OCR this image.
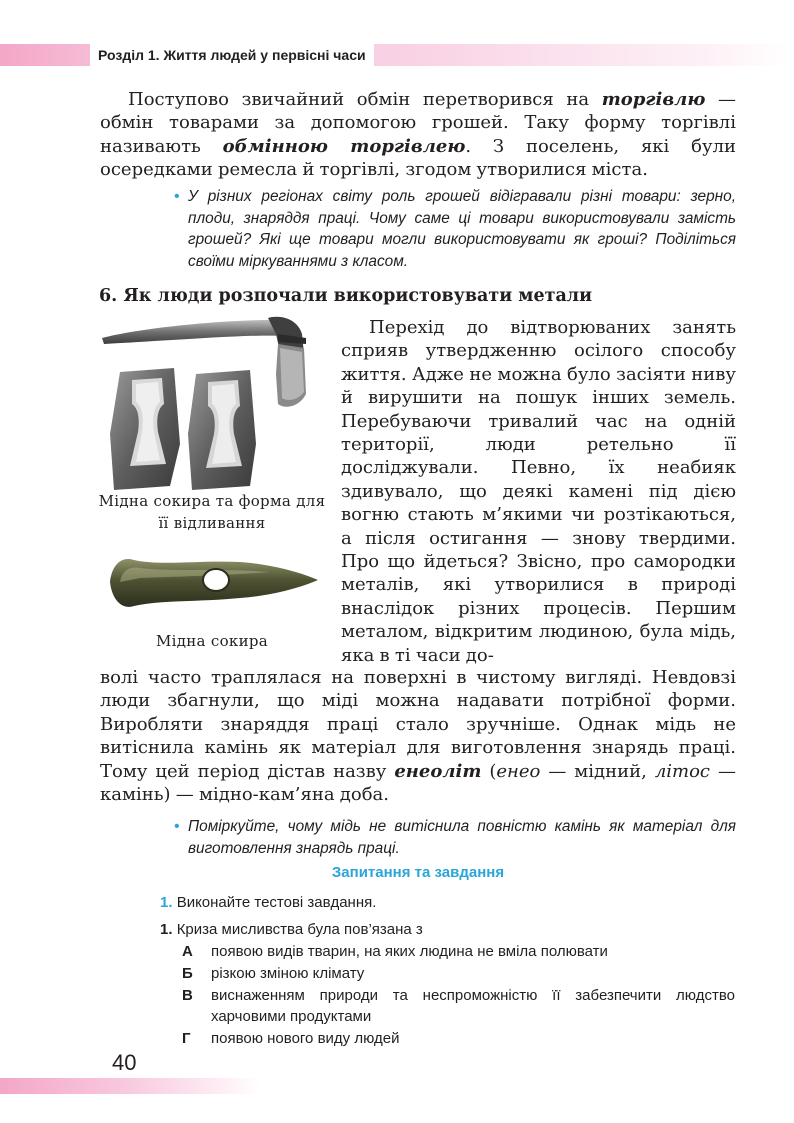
Розділ 1. Життя людей у первісні часи

Поступово звичайний обмін перетворився на торгівлю — обмін товарами за допомогою грошей. Таку форму торгівлі називають обмінною торгівлею. З поселень, які були осередками ремесла й торгівлі, згодом утворилися міста.

• У різних регіонах світу роль грошей відігравали різні товари: зерно, плоди, знаряддя праці. Чому саме ці товари використовували замість грошей? Які ще товари могли використовувати як гроші? Поділіться своїми міркуваннями з класом.

6. Як люди розпочали використовувати метали

Мідна сокира та форма для її відливання

Мідна сокира

Перехід до відтворюваних занять сприяв утвердженню осілого способу життя. Адже не можна було засіяти ниву й вирушити на пошук інших земель. Перебуваючи тривалий час на одній території, люди ретельно її досліджували. Певно, їх неабияк здивувало, що деякі камені під дією вогню стають м’якими чи розтікаються, а після остигання — знову твердими. Про що йдеться? Звісно, про самородки металів, які утворилися в природі внаслідок різних процесів. Першим металом, відкритим людиною, була мідь, яка в ті часи до-

волі часто траплялася на поверхні в чистому вигляді. Невдовзі люди збагнули, що міді можна надавати потрібної форми. Виробляти знаряддя праці стало зручніше. Однак мідь не витіснила камінь як матеріал для виготовлення знарядь праці. Тому цей період дістав назву енеоліт (енео — мідний, літос — камінь) — мідно-кам’яна доба.

• Поміркуйте, чому мідь не витіснила повністю камінь як матеріал для виготовлення знарядь праці.

Запитання та завдання

1. Виконайте тестові завдання.

1. Криза мисливства була пов’язана з

А появою видів тварин, на яких людина не вміла полювати

Б різкою зміною клімату

В виснаженням природи та неспроможністю її забезпечити людство харчовими продуктами

Г появою нового виду людей

40
